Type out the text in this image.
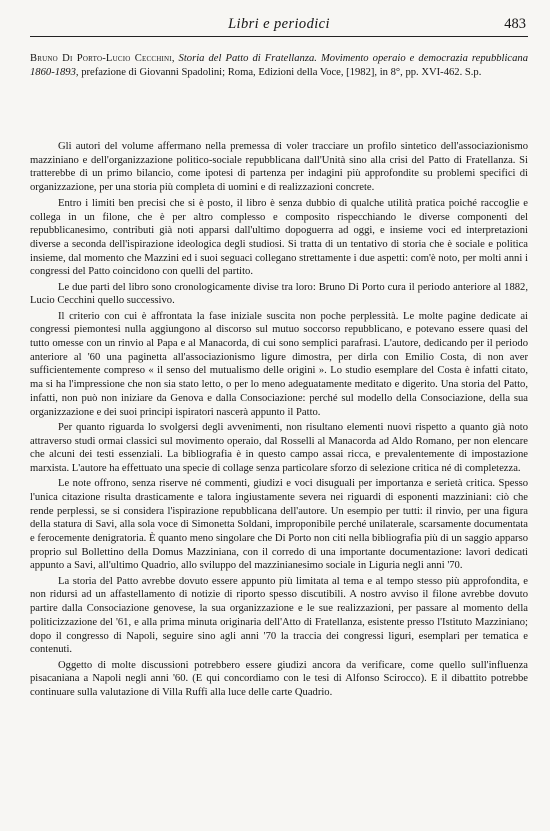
Libri e periodici	483
Bruno Di Porto-Lucio Cecchini, Storia del Patto di Fratellanza. Movimento operaio e democrazia repubblicana 1860-1893, prefazione di Giovanni Spadolini; Roma, Edizioni della Voce, [1982], in 8°, pp. XVI-462. S.p.

Gli autori del volume affermano nella premessa di voler tracciare un profilo sintetico dell'associazionismo mazziniano e dell'organizzazione politico-sociale repubblicana dall'Unità sino alla crisi del Patto di Fratellanza. Si tratterebbe di un primo bilancio, come ipotesi di partenza per indagini più approfondite su problemi specifici di organizzazione, per una storia più completa di uomini e di realizzazioni concrete.

Entro i limiti ben precisi che si è posto, il libro è senza dubbio di qualche utilità pratica poiché raccoglie e collega in un filone, che è per altro complesso e composito rispecchiando le diverse componenti del repubblicanesimo, contributi già noti apparsi dall'ultimo dopoguerra ad oggi, e insieme voci ed interpretazioni diverse a seconda dell'ispirazione ideologica degli studiosi. Si tratta di un tentativo di storia che è sociale e politica insieme, dal momento che Mazzini ed i suoi seguaci collegano strettamente i due aspetti: com'è noto, per molti anni i congressi del Patto coincidono con quelli del partito.

Le due parti del libro sono cronologicamente divise tra loro: Bruno Di Porto cura il periodo anteriore al 1882, Lucio Cecchini quello successivo.

Il criterio con cui è affrontata la fase iniziale suscita non poche perplessità. Le molte pagine dedicate ai congressi piemontesi nulla aggiungono al discorso sul mutuo soccorso repubblicano, e potevano essere quasi del tutto omesse con un rinvio al Papa e al Manacorda, di cui sono semplici parafrasi. L'autore, dedicando per il periodo anteriore al '60 una paginetta all'associazionismo ligure dimostra, per dirla con Emilio Costa, di non aver sufficientemente compreso « il senso del mutualismo delle origini ». Lo studio esemplare del Costa è infatti citato, ma si ha l'impressione che non sia stato letto, o per lo meno adeguatamente meditato e digerito. Una storia del Patto, infatti, non può non iniziare da Genova e dalla Consociazione: perché sul modello della Consociazione, della sua organizzazione e dei suoi principi ispiratori nascerà appunto il Patto.

Per quanto riguarda lo svolgersi degli avvenimenti, non risultano elementi nuovi rispetto a quanto già noto attraverso studi ormai classici sul movimento operaio, dal Rosselli al Manacorda ad Aldo Romano, per non elencare che alcuni dei testi essenziali. La bibliografia è in questo campo assai ricca, e prevalentemente di impostazione marxista. L'autore ha effettuato una specie di collage senza particolare sforzo di selezione critica né di completezza.

Le note offrono, senza riserve né commenti, giudizi e voci disuguali per importanza e serietà critica. Spesso l'unica citazione risulta drasticamente e talora ingiustamente severa nei riguardi di esponenti mazziniani: ciò che rende perplessi, se si considera l'ispirazione repubblicana dell'autore. Un esempio per tutti: il rinvio, per una figura della statura di Savi, alla sola voce di Simonetta Soldani, improponibile perché unilaterale, scarsamente documentata e ferocemente denigratoria. È quanto meno singolare che Di Porto non citi nella bibliografia più di un saggio apparso proprio sul Bollettino della Domus Mazziniana, con il corredo di una importante documentazione: lavori dedicati appunto a Savi, all'ultimo Quadrio, allo sviluppo del mazzinianesimo sociale in Liguria negli anni '70.

La storia del Patto avrebbe dovuto essere appunto più limitata al tema e al tempo stesso più approfondita, e non ridursi ad un affastellamento di notizie di riporto spesso discutibili. A nostro avviso il filone avrebbe dovuto partire dalla Consociazione genovese, la sua organizzazione e le sue realizzazioni, per passare al momento della politicizzazione del '61, e alla prima minuta originaria dell'Atto di Fratellanza, esistente presso l'Istituto Mazziniano; dopo il congresso di Napoli, seguire sino agli anni '70 la traccia dei congressi liguri, esemplari per tematica e contenuti.

Oggetto di molte discussioni potrebbero essere giudizi ancora da verificare, come quello sull'influenza pisacaniana a Napoli negli anni '60. (E qui concordiamo con le tesi di Alfonso Scirocco). E il dibattito potrebbe continuare sulla valutazione di Villa Ruffi alla luce delle carte Quadrio.
